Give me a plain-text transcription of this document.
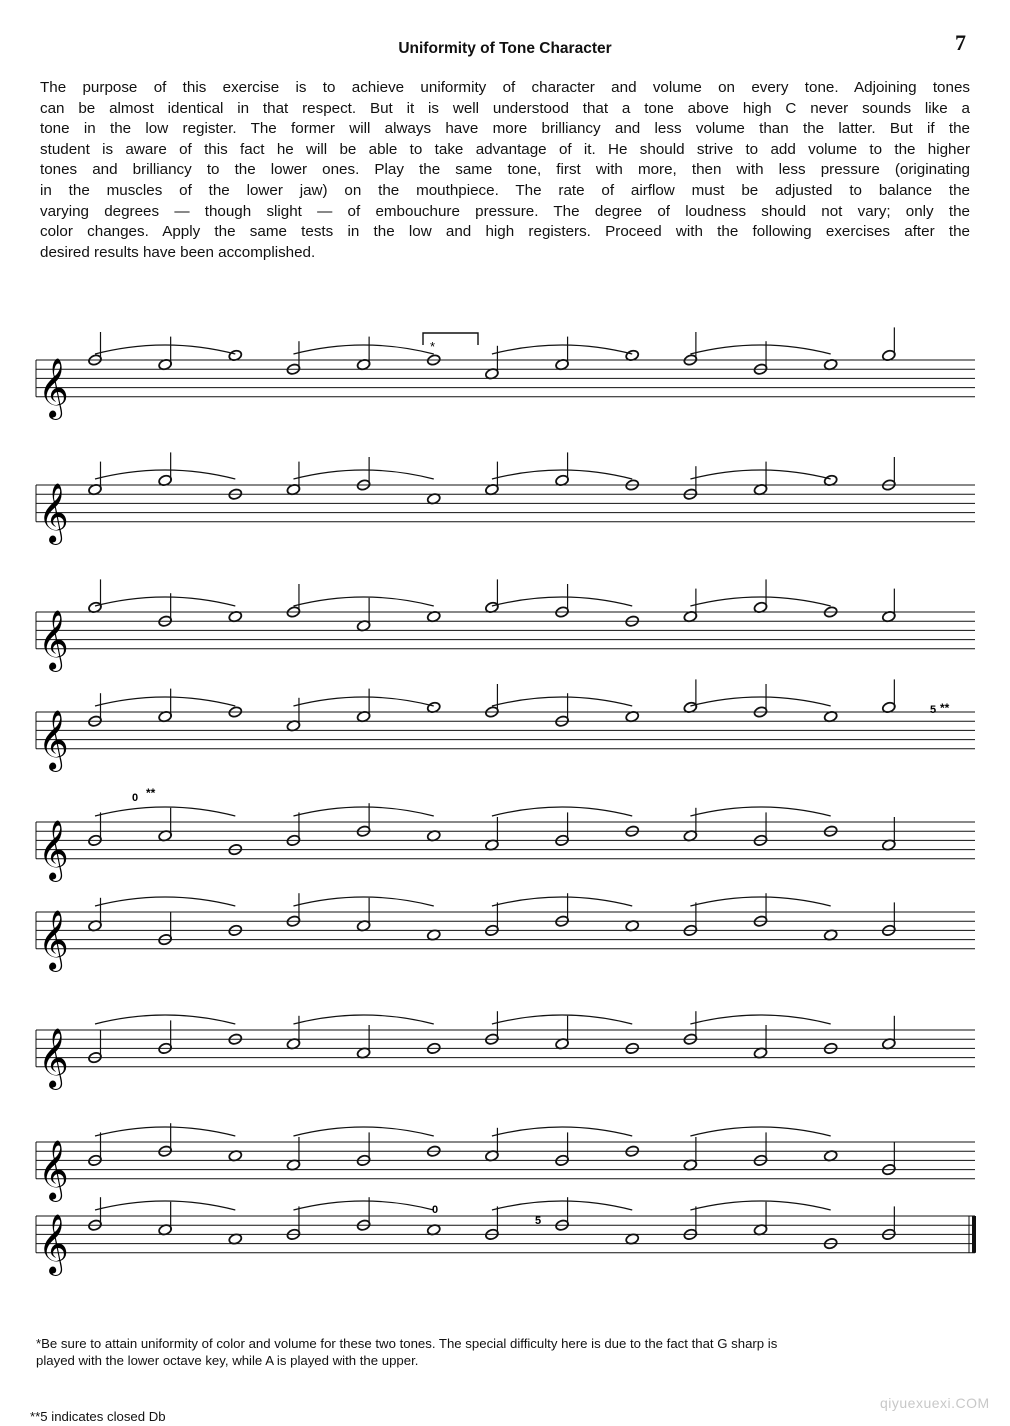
7
Uniformity of Tone Character
The purpose of this exercise is to achieve uniformity of character and volume on every tone. Adjoining tones
can be almost identical in that respect. But it is well understood that a tone above high C never sounds like a
tone in the low register. The former will always have more brilliancy and less volume than the latter. But if the
student is aware of this fact he will be able to take advantage of it. He should strive to add volume to the higher
tones and brilliancy to the lower ones. Play the same tone, first with more, then with less pressure (originating
in the muscles of the lower jaw) on the mouthpiece. The rate of airflow must be adjusted to balance the
varying degrees — though slight — of embouchure pressure. The degree of loudness should not vary; only the
color changes. Apply the same tests in the low and high registers. Proceed with the following exercises after the
desired results have been accomplished.
𝄞
𝄞
𝄞
𝄞
𝄞
𝄞
𝄞
𝄞
𝄞
*
5 **
0 **
0
5
*Be sure to attain uniformity of color and volume for these two tones. The special difficulty here is due to the fact that G sharp is
played with the lower octave key, while A is played with the upper.
**5 indicates closed Db
qiyuexuexi.COM
